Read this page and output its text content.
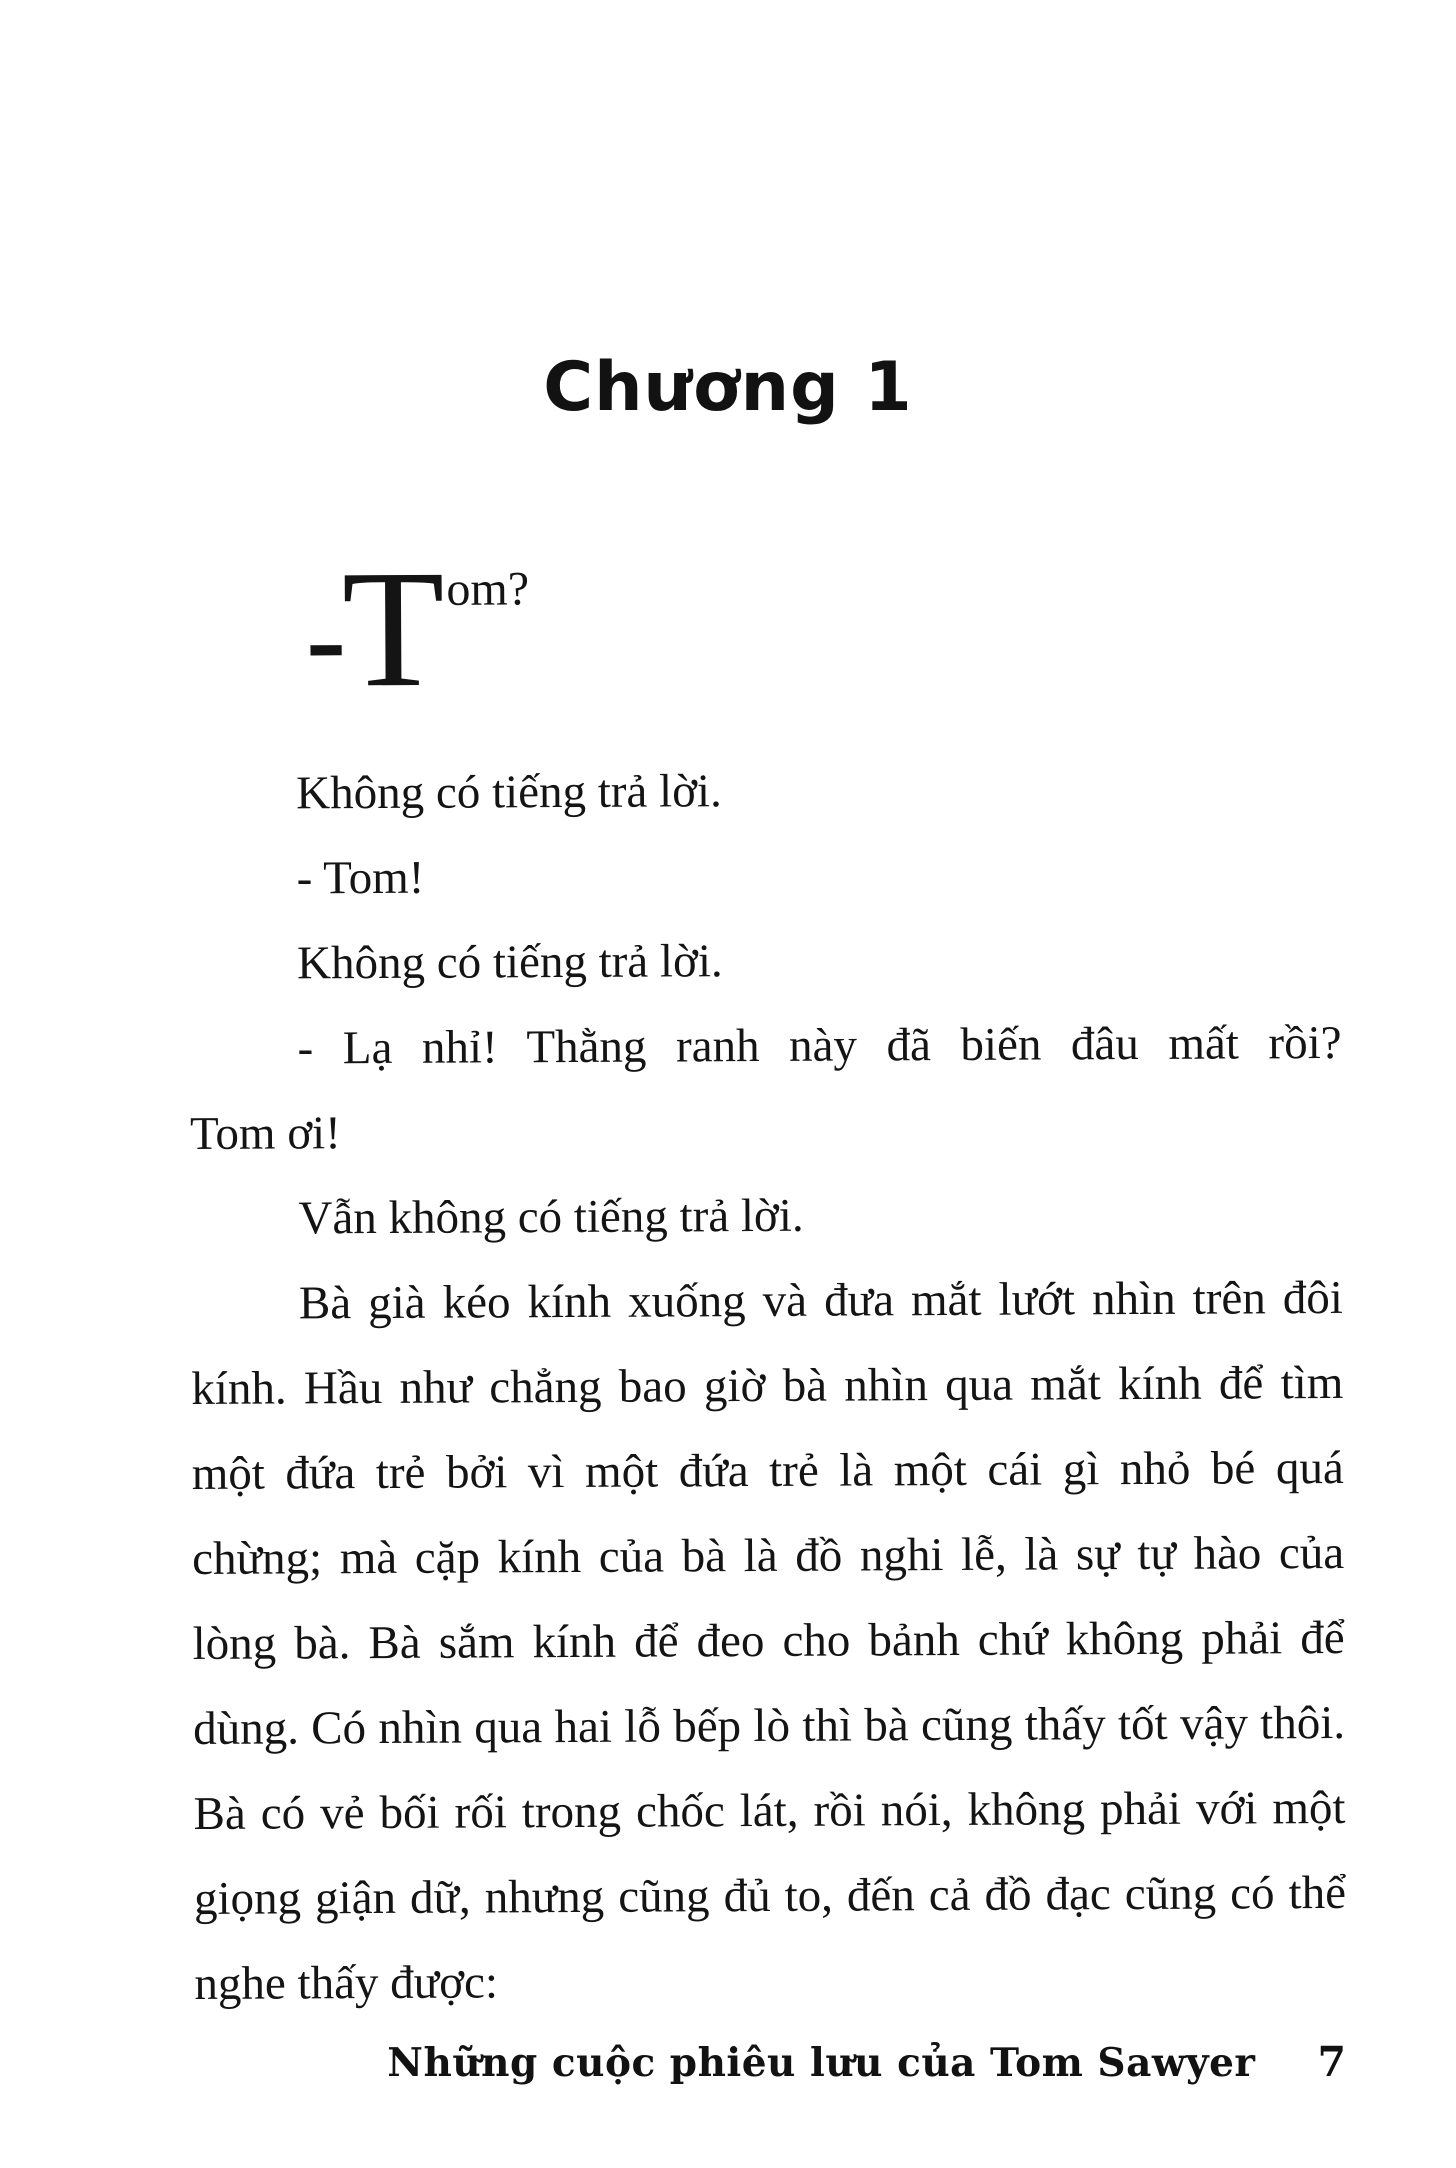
Chương 1
- T om?

Không có tiếng trả lời.

- Tom!

Không có tiếng trả lời.

- Lạ nhỉ! Thằng ranh này đã biến đâu mất rồi?

Tom ơi!

Vẫn không có tiếng trả lời.

Bà già kéo kính xuống và đưa mắt lướt nhìn trên đôi kính. Hầu như chẳng bao giờ bà nhìn qua mắt kính để tìm một đứa trẻ bởi vì một đứa trẻ là một cái gì nhỏ bé quá chừng; mà cặp kính của bà là đồ nghi lễ, là sự tự hào của lòng bà. Bà sắm kính để đeo cho bảnh chứ không phải để dùng. Có nhìn qua hai lỗ bếp lò thì bà cũng thấy tốt vậy thôi. Bà có vẻ bối rối trong chốc lát, rồi nói, không phải với một giọng giận dữ, nhưng cũng đủ to, đến cả đồ đạc cũng có thể nghe thấy được:

Những cuộc phiêu lưu của Tom Sawyer 7
